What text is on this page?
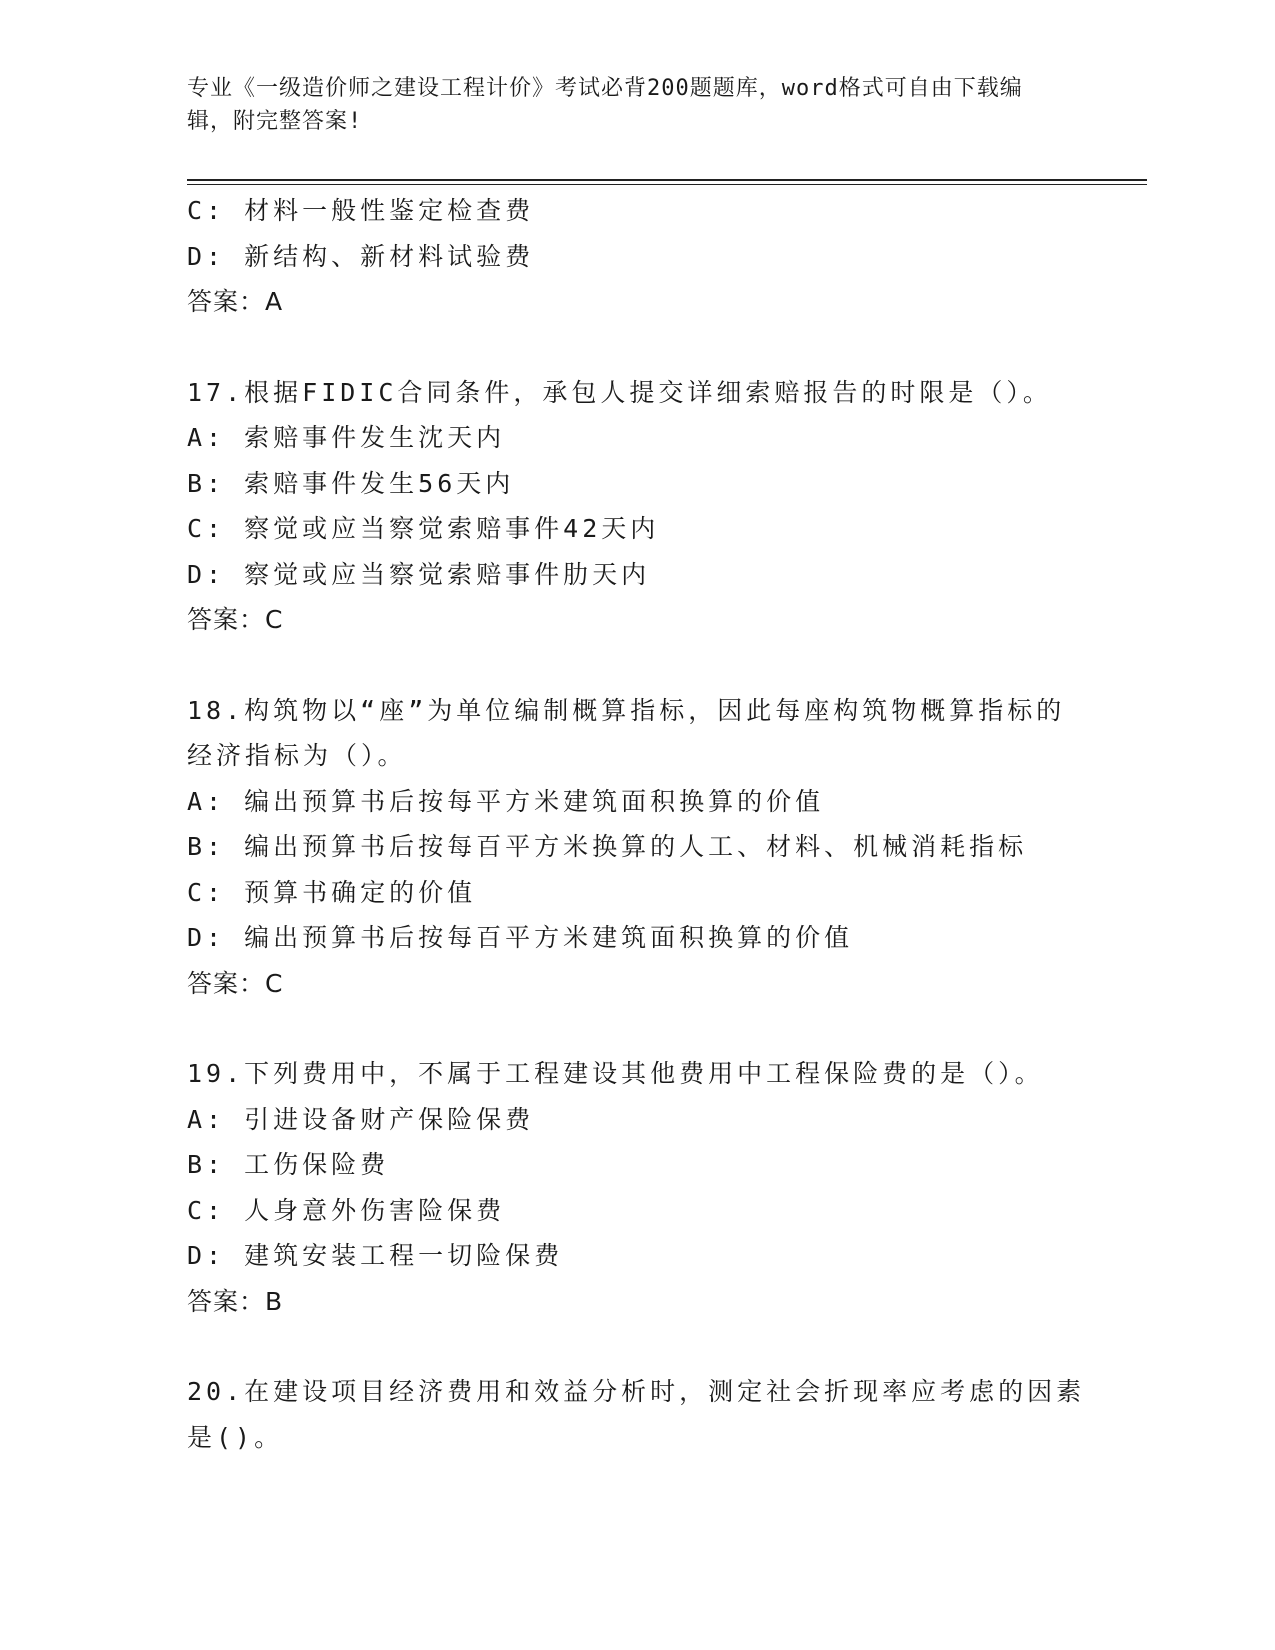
专业《一级造价师之建设工程计价》考试必背200题题库，word格式可自由下载编辑，附完整答案!
C: 材料一般性鉴定检查费
D: 新结构、新材料试验费
答案：A
17.根据FIDIC合同条件，承包人提交详细索赔报告的时限是（）。
A: 索赔事件发生沈天内
B: 索赔事件发生56天内
C: 察觉或应当察觉索赔事件42天内
D: 察觉或应当察觉索赔事件肋天内
答案：C
18.构筑物以“座”为单位编制概算指标，因此每座构筑物概算指标的经济指标为（）。
A: 编出预算书后按每平方米建筑面积换算的价值
B: 编出预算书后按每百平方米换算的人工、材料、机械消耗指标
C: 预算书确定的价值
D: 编出预算书后按每百平方米建筑面积换算的价值
答案：C
19.下列费用中，不属于工程建设其他费用中工程保险费的是（）。
A: 引进设备财产保险保费
B: 工伤保险费
C: 人身意外伤害险保费
D: 建筑安装工程一切险保费
答案：B
20.在建设项目经济费用和效益分析时，测定社会折现率应考虑的因素是()。
